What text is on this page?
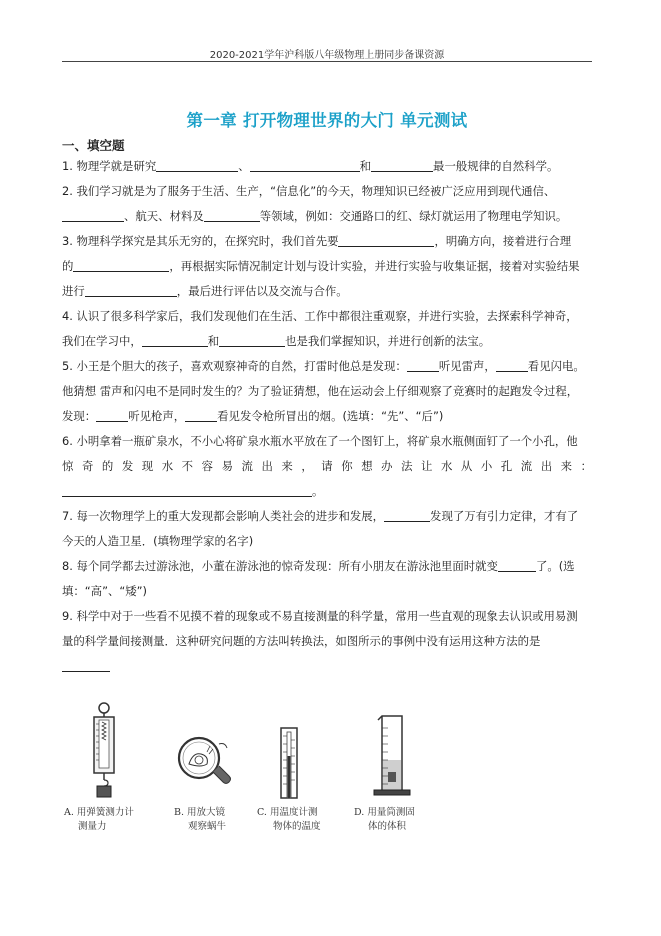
2020-2021学年沪科版八年级物理上册同步备课资源
第一章 打开物理世界的大门 单元测试
一、填空题

1. 物理学就是研究	、	和	最一般规律的自然科学。

2. 我们学习就是为了服务于生活、生产，“信息化”的今天，物理知识已经被广泛应用到现代通信、
、航天、材料及	等领域，例如：交通路口的红、绿灯就运用了物理电学知识。

3. 物理科学探究是其乐无穷的，在探究时，我们首先要	，明确方向，接着进行合理
的	，再根据实际情况制定计划与设计实验，并进行实验与收集证据，接着对实验结果
进行	，最后进行评估以及交流与合作。

4. 认识了很多科学家后，我们发现他们在生活、工作中都很注重观察，并进行实验，去探索科学神奇，
我们在学习中，	和	也是我们掌握知识，并进行创新的法宝。

5. 小王是个胆大的孩子，喜欢观察神奇的自然，打雷时他总是发现：	听见雷声，	看见闪电。
他猜想 雷声和闪电不是同时发生的？为了验证猜想，他在运动会上仔细观察了竞赛时的起跑发令过程，
发现：	听见枪声，	看见发令枪所冒出的烟。(选填：“先”、“后”)

6. 小明拿着一瓶矿泉水，不小心将矿泉水瓶水平放在了一个图钉上，将矿泉水瓶侧面钉了一个小孔，他
惊奇的发现水不容易流出来，请你想办法让水从小孔流出来：
。

7. 每一次物理学上的重大发现都会影响人类社会的进步和发展，	发现了万有引力定律，才有了
今天的人造卫星．(填物理学家的名字)

8. 每个同学都去过游泳池，小董在游泳池的惊奇发现：所有小朋友在游泳池里面时就变	了。(选
填：“高”、“矮”)

9. 科学中对于一些看不见摸不着的现象或不易直接测量的科学量，常用一些直观的现象去认识或用易测
量的科学量间接测量．这种研究问题的方法叫转换法，如图所示的事例中没有运用这种方法的是

A. 用弹簧测力计
测量力
B. 用放大镜
观察蜗牛
C. 用温度计测
物体的温度
D. 用量筒测固
体的体积
